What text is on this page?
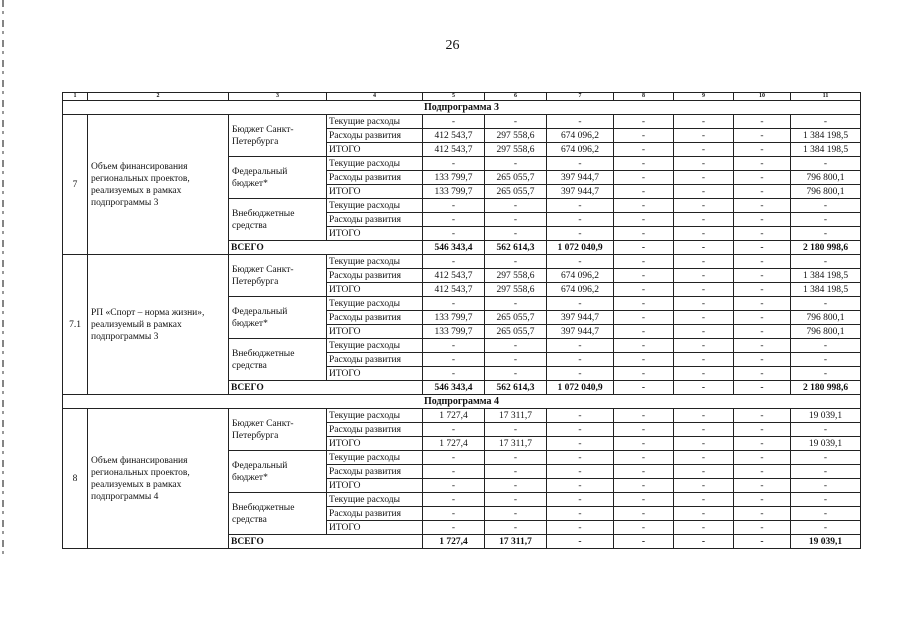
26
1	2	3	4	5	6	7	8	9	10	11
Подпрограмма 3										
7	Объем финансирования региональных проектов, реализуемых в рамках подпрограммы 3	Бюджет Санкт-Петербурга	Текущие расходы	-	-	-	-	-	-	-
			Расходы развития	412 543,7	297 558,6	674 096,2	-	-	-	1 384 198,5
			ИТОГО	412 543,7	297 558,6	674 096,2	-	-	-	1 384 198,5
		Федеральный бюджет*	Текущие расходы	-	-	-	-	-	-	-
			Расходы развития	133 799,7	265 055,7	397 944,7	-	-	-	796 800,1
			ИТОГО	133 799,7	265 055,7	397 944,7	-	-	-	796 800,1
		Внебюджетные средства	Текущие расходы	-	-	-	-	-	-	-
			Расходы развития	-	-	-	-	-	-	-
			ИТОГО	-	-	-	-	-	-	-
		ВСЕГО		546 343,4	562 614,3	1 072 040,9	-	-	-	2 180 998,6
7.1	РП «Спорт – норма жизни», реализуемый в рамках подпрограммы 3	Бюджет Санкт-Петербурга	Текущие расходы	-	-	-	-	-	-	-
			Расходы развития	412 543,7	297 558,6	674 096,2	-	-	-	1 384 198,5
			ИТОГО	412 543,7	297 558,6	674 096,2	-	-	-	1 384 198,5
		Федеральный бюджет*	Текущие расходы	-	-	-	-	-	-	-
			Расходы развития	133 799,7	265 055,7	397 944,7	-	-	-	796 800,1
			ИТОГО	133 799,7	265 055,7	397 944,7	-	-	-	796 800,1
		Внебюджетные средства	Текущие расходы	-	-	-	-	-	-	-
			Расходы развития	-	-	-	-	-	-	-
			ИТОГО	-	-	-	-	-	-	-
		ВСЕГО		546 343,4	562 614,3	1 072 040,9	-	-	-	2 180 998,6
Подпрограмма 4										
8	Объем финансирования региональных проектов, реализуемых в рамках подпрограммы 4	Бюджет Санкт-Петербурга	Текущие расходы	1 727,4	17 311,7	-	-	-	-	19 039,1
			Расходы развития	-	-	-	-	-	-	-
			ИТОГО	1 727,4	17 311,7	-	-	-	-	19 039,1
		Федеральный бюджет*	Текущие расходы	-	-	-	-	-	-	-
			Расходы развития	-	-	-	-	-	-	-
			ИТОГО	-	-	-	-	-	-	-
		Внебюджетные средства	Текущие расходы	-	-	-	-	-	-	-
			Расходы развития	-	-	-	-	-	-	-
			ИТОГО	-	-	-	-	-	-	-
		ВСЕГО		1 727,4	17 311,7	-	-	-	-	19 039,1
